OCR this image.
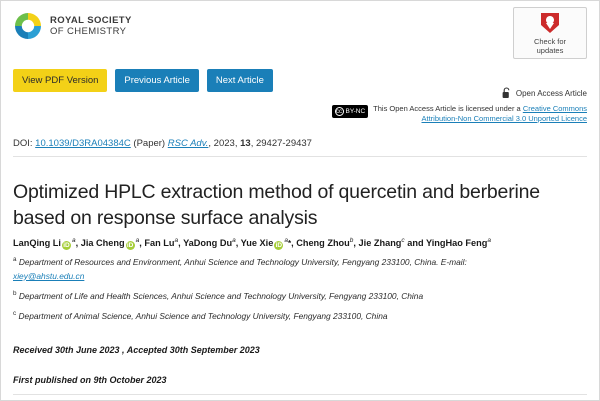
ROYAL SOCIETY
OF CHEMISTRY
Check for
updates
View PDF Version	Previous Article	Next Article
Open Access Article
cc BY-NC This Open Access Article is licensed under a Creative Commons
Attribution-Non Commercial 3.0 Unported Licence
DOI: 10.1039/D3RA04384C (Paper) RSC Adv., 2023, 13, 29427-29437
Optimized HPLC extraction method of quercetin and berberine based on response surface analysis
LanQing Li $iD^a$, Jia Cheng $iD^a$, Fan Lu$^a$, YaDong Du$^a$, Yue Xie $iD^a*$, Cheng Zhou$^b$, Jie Zhang$^c$ and YingHao Feng$^a$
$^a$ Department of Resources and Environment, Anhui Science and Technology University, Fengyang 233100, China. E-mail:
xiey@ahstu.edu.cn
$^b$ Department of Life and Health Sciences, Anhui Science and Technology University, Fengyang 233100, China
$^c$ Department of Animal Science, Anhui Science and Technology University, Fengyang 233100, China
Received 30th June 2023 , Accepted 30th September 2023
First published on 9th October 2023
